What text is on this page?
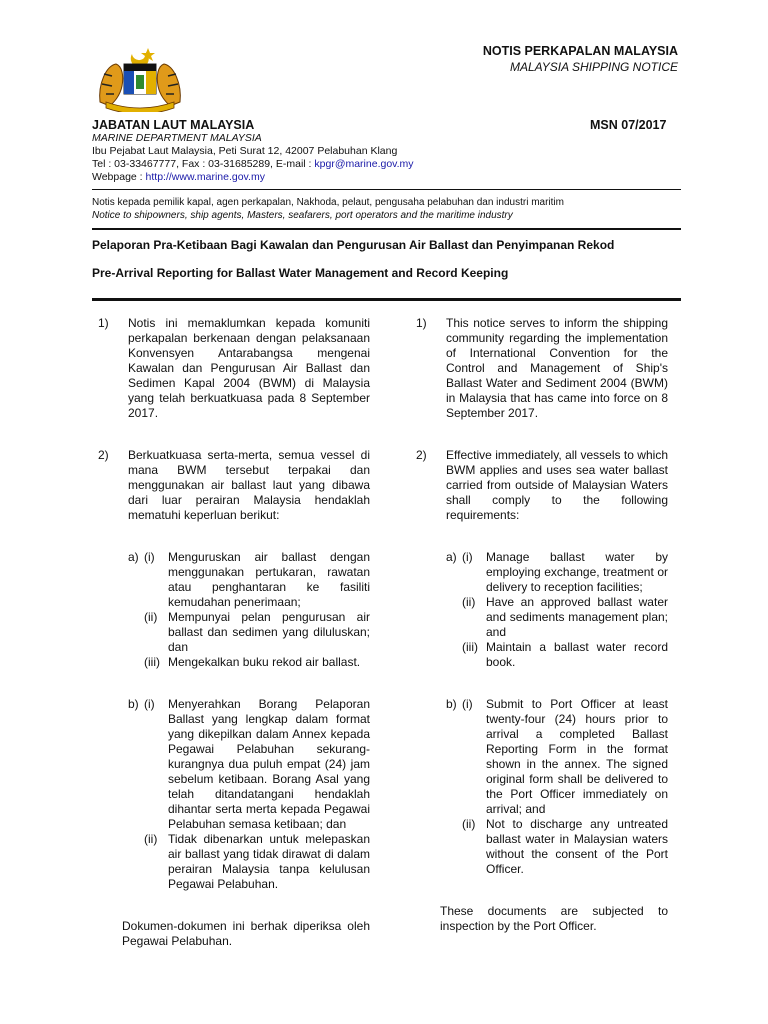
NOTIS PERKAPALAN MALAYSIA
MALAYSIA SHIPPING NOTICE
JABATAN LAUT MALAYSIA	MSN 07/2017
MARINE DEPARTMENT MALAYSIA
Ibu Pejabat Laut Malaysia, Peti Surat 12, 42007 Pelabuhan Klang
Tel : 03-33467777, Fax : 03-31685289, E-mail : kpgr@marine.gov.my
Webpage : http://www.marine.gov.my
Notis kepada pemilik kapal, agen perkapalan, Nakhoda, pelaut, pengusaha pelabuhan dan industri maritim
Notice to shipowners, ship agents, Masters, seafarers, port operators and the maritime industry
Pelaporan Pra-Ketibaan Bagi Kawalan dan Pengurusan Air Ballast dan Penyimpanan Rekod
Pre-Arrival Reporting for Ballast Water Management and Record Keeping
1)	Notis ini memaklumkan kepada komuniti perkapalan berkenaan dengan pelaksanaan Konvensyen Antarabangsa mengenai Kawalan dan Pengurusan Air Ballast dan Sedimen Kapal 2004 (BWM) di Malaysia yang telah berkuatkuasa pada 8 September 2017.
2)	Berkuatkuasa serta-merta, semua vessel di mana BWM tersebut terpakai dan menggunakan air ballast laut yang dibawa dari luar perairan Malaysia hendaklah mematuhi keperluan berikut:
a) (i)	Menguruskan air ballast dengan menggunakan pertukaran, rawatan atau penghantaran ke fasiliti kemudahan penerimaan;
(ii) Mempunyai pelan pengurusan air ballast dan sedimen yang diluluskan; dan
(iii) Mengekalkan buku rekod air ballast.
b) (i)	Menyerahkan Borang Pelaporan Ballast yang lengkap dalam format yang dikepilkan dalam Annex kepada Pegawai Pelabuhan sekurang-kurangnya dua puluh empat (24) jam sebelum ketibaan. Borang Asal yang telah ditandatangani hendaklah dihantar serta merta kepada Pegawai Pelabuhan semasa ketibaan; dan
(ii) Tidak dibenarkan untuk melepaskan air ballast yang tidak dirawat di dalam perairan Malaysia tanpa kelulusan Pegawai Pelabuhan.
Dokumen-dokumen ini berhak diperiksa oleh Pegawai Pelabuhan.
1)	This notice serves to inform the shipping community regarding the implementation of International Convention for the Control and Management of Ship's Ballast Water and Sediment 2004 (BWM) in Malaysia that has came into force on 8 September 2017.
2)	Effective immediately, all vessels to which BWM applies and uses sea water ballast carried from outside of Malaysian Waters shall comply to the following requirements:
a) (i)	Manage ballast water by employing exchange, treatment or delivery to reception facilities;
(ii) Have an approved ballast water and sediments management plan; and
(iii) Maintain a ballast water record book.
b) (i)	Submit to Port Officer at least twenty-four (24) hours prior to arrival a completed Ballast Reporting Form in the format shown in the annex. The signed original form shall be delivered to the Port Officer immediately on arrival; and
(ii) Not to discharge any untreated ballast water in Malaysian waters without the consent of the Port Officer.
These documents are subjected to inspection by the Port Officer.
